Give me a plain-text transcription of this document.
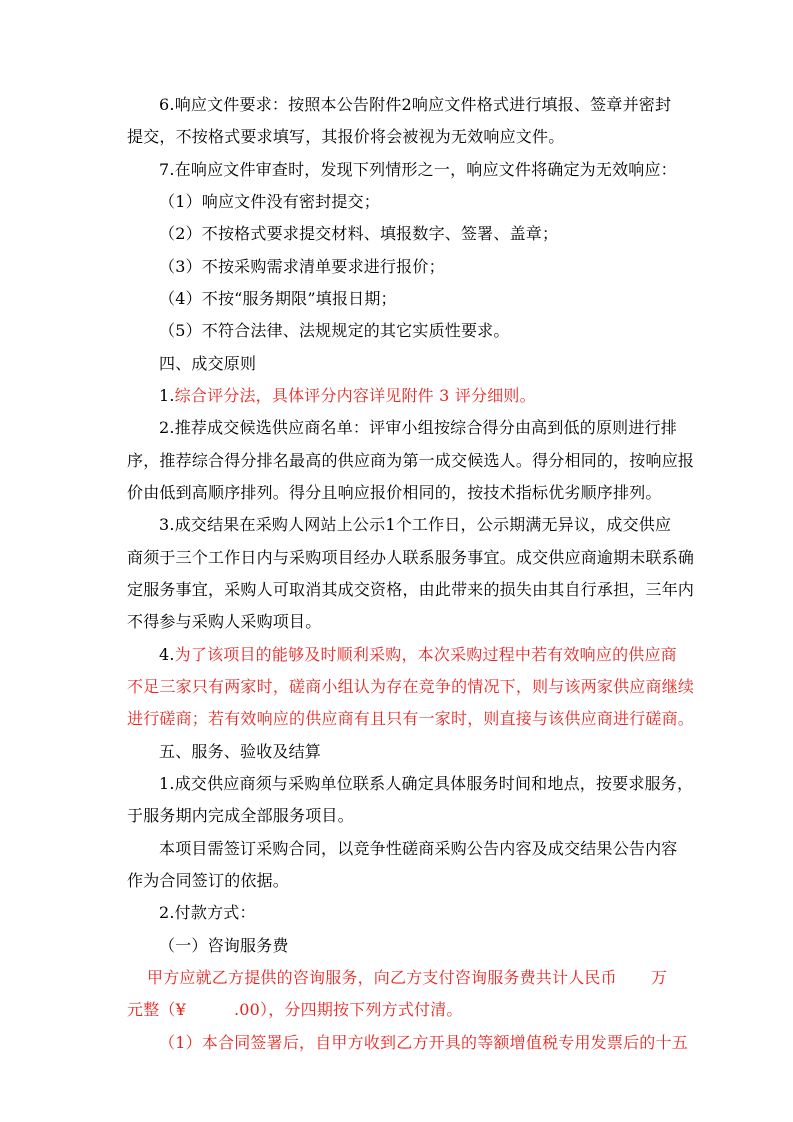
6 . 响 应 文 件 要 求 ： 按 照 本 公 告 附 件 2 响 应 文 件 格 式 进 行 填 报 、 签 章 并 密 封
提交，不按格式要求填写，其报价将会被视为无效响应文件。
7.在响应文件审查时，发现下列情形之一，响应文件将确定为无效响应：
（1）响应文件没有密封提交；
（2）不按格式要求提交材料、填报数字、签署、盖章；
（3）不按采购需求清单要求进行报价；
（4）不按“服务期限”填报日期；
（5）不符合法律、法规规定的其它实质性要求。
四、成交原则
1.综合评分法，具体评分内容详见附件 3 评分细则。
2 . 推 荐 成 交 候 选 供 应 商 名 单 ： 评 审 小 组 按 综 合 得 分 由 高 到 低 的 原 则 进 行 排
序 ， 推 荐 综 合 得 分 排 名 最 高 的 供 应 商 为 第 一 成 交 候 选 人 。 得 分 相 同 的 ， 按 响 应 报
价由低到高顺序排列。得分且响应报价相同的，按技术指标优劣顺序排列。
3 . 成 交 结 果 在 采 购 人 网 站 上 公 示 1 个 工 作 日 ， 公 示 期 满 无 异 议 ， 成 交 供 应
商 须 于 三 个 工 作 日 内 与 采 购 项 目 经 办 人 联 系 服 务 事 宜 。 成 交 供 应 商 逾 期 未 联 系 确
定 服 务 事 宜 ， 采 购 人 可 取 消 其 成 交 资 格 ， 由 此 带 来 的 损 失 由 其 自 行 承 担 ， 三 年 内
不得参与采购人采购项目。
4.为了该项目的能够及时顺利采购，本次采购过程中若有效响应的供应商
不 足 三 家 只 有 两 家 时 ， 磋 商 小 组 认 为 存 在 竞 争 的 情 况 下 ， 则 与 该 两 家 供 应 商 继 续
进行磋商；若有效响应的供应商有且只有一家时，则直接与该供应商进行磋商。
五、服务、验收及结算
1 . 成 交 供 应 商 须 与 采 购 单 位 联 系 人 确 定 具 体 服 务 时 间 和 地 点 ， 按 要 求 服 务 ，
于服务期内完成全部服务项目。
本 项 目 需 签 订 采 购 合 同 ， 以 竞 争 性 磋 商 采 购 公 告 内 容 及 成 交 结 果 公 告 内 容
作为合同签订的依据。
2.付款方式：
（一）咨询服务费
甲方应就乙方提供的咨询服务，向乙方支付咨询服务费共计人民币 万
元整（¥	.00），分四期按下列方式付清。
（ 1 ） 本 合 同 签 署 后 ， 自 甲 方 收 到 乙 方 开 具 的 等 额 增 值 税 专 用 发 票 后 的 十 五
